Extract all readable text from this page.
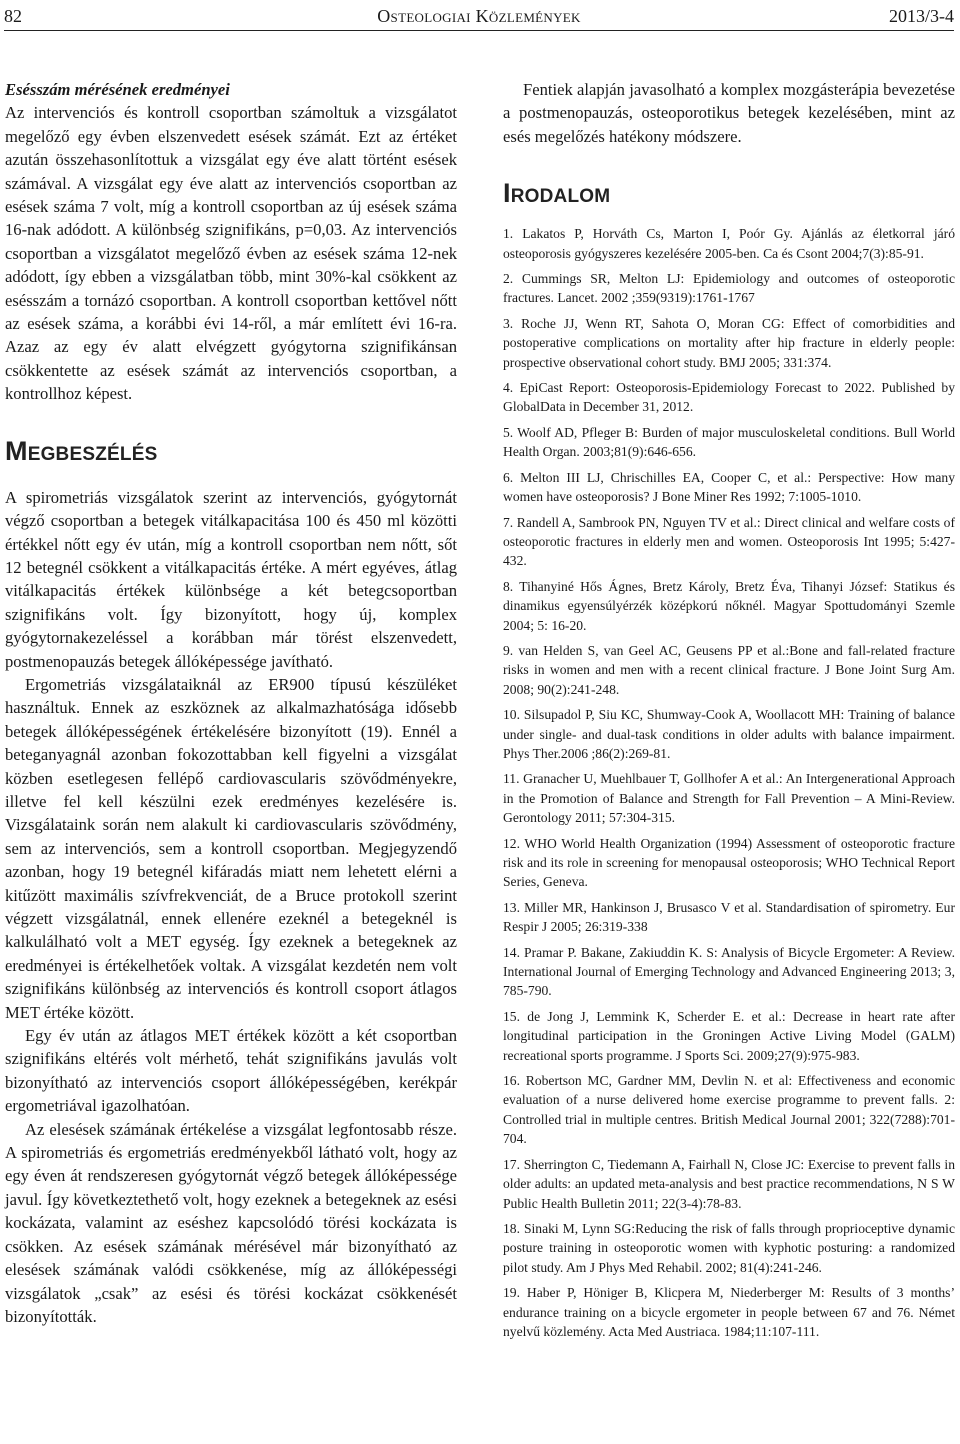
82	Osteologiai Közlemények	2013/3-4
Esésszám mérésének eredményei

Az intervenciós és kontroll csoportban számoltuk a vizsgálatot megelőző egy évben elszenvedett esések számát. Ezt az értéket azután összehasonlítottuk a vizsgálat egy éve alatt történt esések számával. A vizsgálat egy éve alatt az intervenciós csoportban az esések száma 7 volt, míg a kontroll csoportban az új esések száma 16-nak adódott. A különbség szignifikáns, p=0,03. Az intervenciós csoportban a vizsgálatot megelőző évben az esések száma 12-nek adódott, így ebben a vizsgálatban több, mint 30%-kal csökkent az esésszám a tornázó csoportban. A kontroll csoportban kettővel nőtt az esések száma, a korábbi évi 14-ről, a már említett évi 16-ra. Azaz az egy év alatt elvégzett gyógytorna szignifikánsan csökkentette az esések számát az intervenciós csoportban, a kontrollhoz képest.

Megbeszélés

A spirometriás vizsgálatok szerint az intervenciós, gyógytornát végző csoportban a betegek vitálkapacitása 100 és 450 ml közötti értékkel nőtt egy év után, míg a kontroll csoportban nem nőtt, sőt 12 betegnél csökkent a vitálkapacitás értéke. A mért egyéves, átlag vitálkapacitás értékek különbsége a két betegcsoportban szignifikáns volt. Így bizonyított, hogy új, komplex gyógytornakezeléssel a korábban már törést elszenvedett, postmenopauzás betegek állóképessége javítható.

Ergometriás vizsgálataiknál az ER900 típusú készüléket használtuk. Ennek az eszköznek az alkalmazhatósága idősebb betegek állóképességének értékelésére bizonyított (19). Ennél a beteganyagnál azonban fokozottabban kell figyelni a vizsgálat közben esetlegesen fellépő cardiovascularis szövődményekre, illetve fel kell készülni ezek eredményes kezelésére is. Vizsgálataink során nem alakult ki cardiovascularis szövődmény, sem az intervenciós, sem a kontroll csoportban. Megjegyzendő azonban, hogy 19 betegnél kifáradás miatt nem lehetett elérni a kitűzött maximális szívfrekvenciát, de a Bruce protokoll szerint végzett vizsgálatnál, ennek ellenére ezeknél a betegeknél is kalkulálható volt a MET egység. Így ezeknek a betegeknek az eredményei is értékelhetőek voltak. A vizsgálat kezdetén nem volt szignifikáns különbség az intervenciós és kontroll csoport átlagos MET értéke között.

Egy év után az átlagos MET értékek között a két csoportban szignifikáns eltérés volt mérhető, tehát szignifikáns javulás volt bizonyítható az intervenciós csoport állóképességében, kerékpár ergometriával igazolhatóan.

Az elesések számának értékelése a vizsgálat legfontosabb része. A spirometriás és ergometriás eredményekből látható volt, hogy az egy éven át rendszeresen gyógytornát végző betegek állóképessége javul. Így következtethető volt, hogy ezeknek a betegeknek az esési kockázata, valamint az eséshez kapcsolódó törési kockázata is csökken. Az esések számának mérésével már bizonyítható az elesések számának valódi csökkenése, míg az állóképességi vizsgálatok „csak” az esési és törési kockázat csökkenését bizonyították.

Fentiek alapján javasolható a komplex mozgásterápia bevezetése a postmenopauzás, osteoporotikus betegek kezelésében, mint az esés megelőzés hatékony módszere.

Irodalom
1. Lakatos P, Horváth Cs, Marton I, Poór Gy. Ajánlás az életkorral járó osteoporosis gyógyszeres kezelésére 2005-ben. Ca és Csont 2004;7(3):85-91.
2. Cummings SR, Melton LJ: Epidemiology and outcomes of osteoporotic fractures. Lancet. 2002 ;359(9319):1761-1767
3. Roche JJ, Wenn RT, Sahota O, Moran CG: Effect of comorbidities and postoperative complications on mortality after hip fracture in elderly people: prospective observational cohort study. BMJ 2005; 331:374.
4. EpiCast Report: Osteoporosis-Epidemiology Forecast to 2022. Published by GlobalData in December 31, 2012.
5. Woolf AD, Pfleger B: Burden of major musculoskeletal conditions. Bull World Health Organ. 2003;81(9):646-656.
6. Melton III LJ, Chrischilles EA, Cooper C, et al.: Perspective: How many women have osteoporosis? J Bone Miner Res 1992; 7:1005-1010.
7. Randell A, Sambrook PN, Nguyen TV et al.: Direct clinical and welfare costs of osteoporotic fractures in elderly men and women. Osteoporosis Int 1995; 5:427-432.
8. Tihanyiné Hős Ágnes, Bretz Károly, Bretz Éva, Tihanyi József: Statikus és dinamikus egyensúlyérzék középkorú nőknél. Magyar Spottudományi Szemle 2004; 5: 16-20.
9. van Helden S, van Geel AC, Geusens PP et al.:Bone and fall-related fracture risks in women and men with a recent clinical fracture. J Bone Joint Surg Am. 2008; 90(2):241-248.
10. Silsupadol P, Siu KC, Shumway-Cook A, Woollacott MH: Training of balance under single- and dual-task conditions in older adults with balance impairment. Phys Ther.2006 ;86(2):269-81.
11. Granacher U, Muehlbauer T, Gollhofer A et al.: An Intergenerational Approach in the Promotion of Balance and Strength for Fall Prevention – A Mini-Review. Gerontology 2011; 57:304-315.
12. WHO World Health Organization (1994) Assessment of osteoporotic fracture risk and its role in screening for menopausal osteoporosis; WHO Technical Report Series, Geneva.
13. Miller MR, Hankinson J, Brusasco V et al. Standardisation of spirometry. Eur Respir J 2005; 26:319-338
14. Pramar P. Bakane, Zakiuddin K. S: Analysis of Bicycle Ergometer: A Review. International Journal of Emerging Technology and Advanced Engineering 2013; 3, 785-790.
15. de Jong J, Lemmink K, Scherder E. et al.: Decrease in heart rate after longitudinal participation in the Groningen Active Living Model (GALM) recreational sports programme. J Sports Sci. 2009;27(9):975-983.
16. Robertson MC, Gardner MM, Devlin N. et al: Effectiveness and economic evaluation of a nurse delivered home exercise programme to prevent falls. 2: Controlled trial in multiple centres. British Medical Journal 2001; 322(7288):701-704.
17. Sherrington C, Tiedemann A, Fairhall N, Close JC: Exercise to prevent falls in older adults: an updated meta-analysis and best practice recommendations, N S W Public Health Bulletin 2011; 22(3-4):78-83.
18. Sinaki M, Lynn SG:Reducing the risk of falls through proprioceptive dynamic posture training in osteoporotic women with kyphotic posturing: a randomized pilot study. Am J Phys Med Rehabil. 2002; 81(4):241-246.
19. Haber P, Höniger B, Klicpera M, Niederberger M: Results of 3 months’ endurance training on a bicycle ergometer in people between 67 and 76. Német nyelvű közlemény. Acta Med Austriaca. 1984;11:107-111.
